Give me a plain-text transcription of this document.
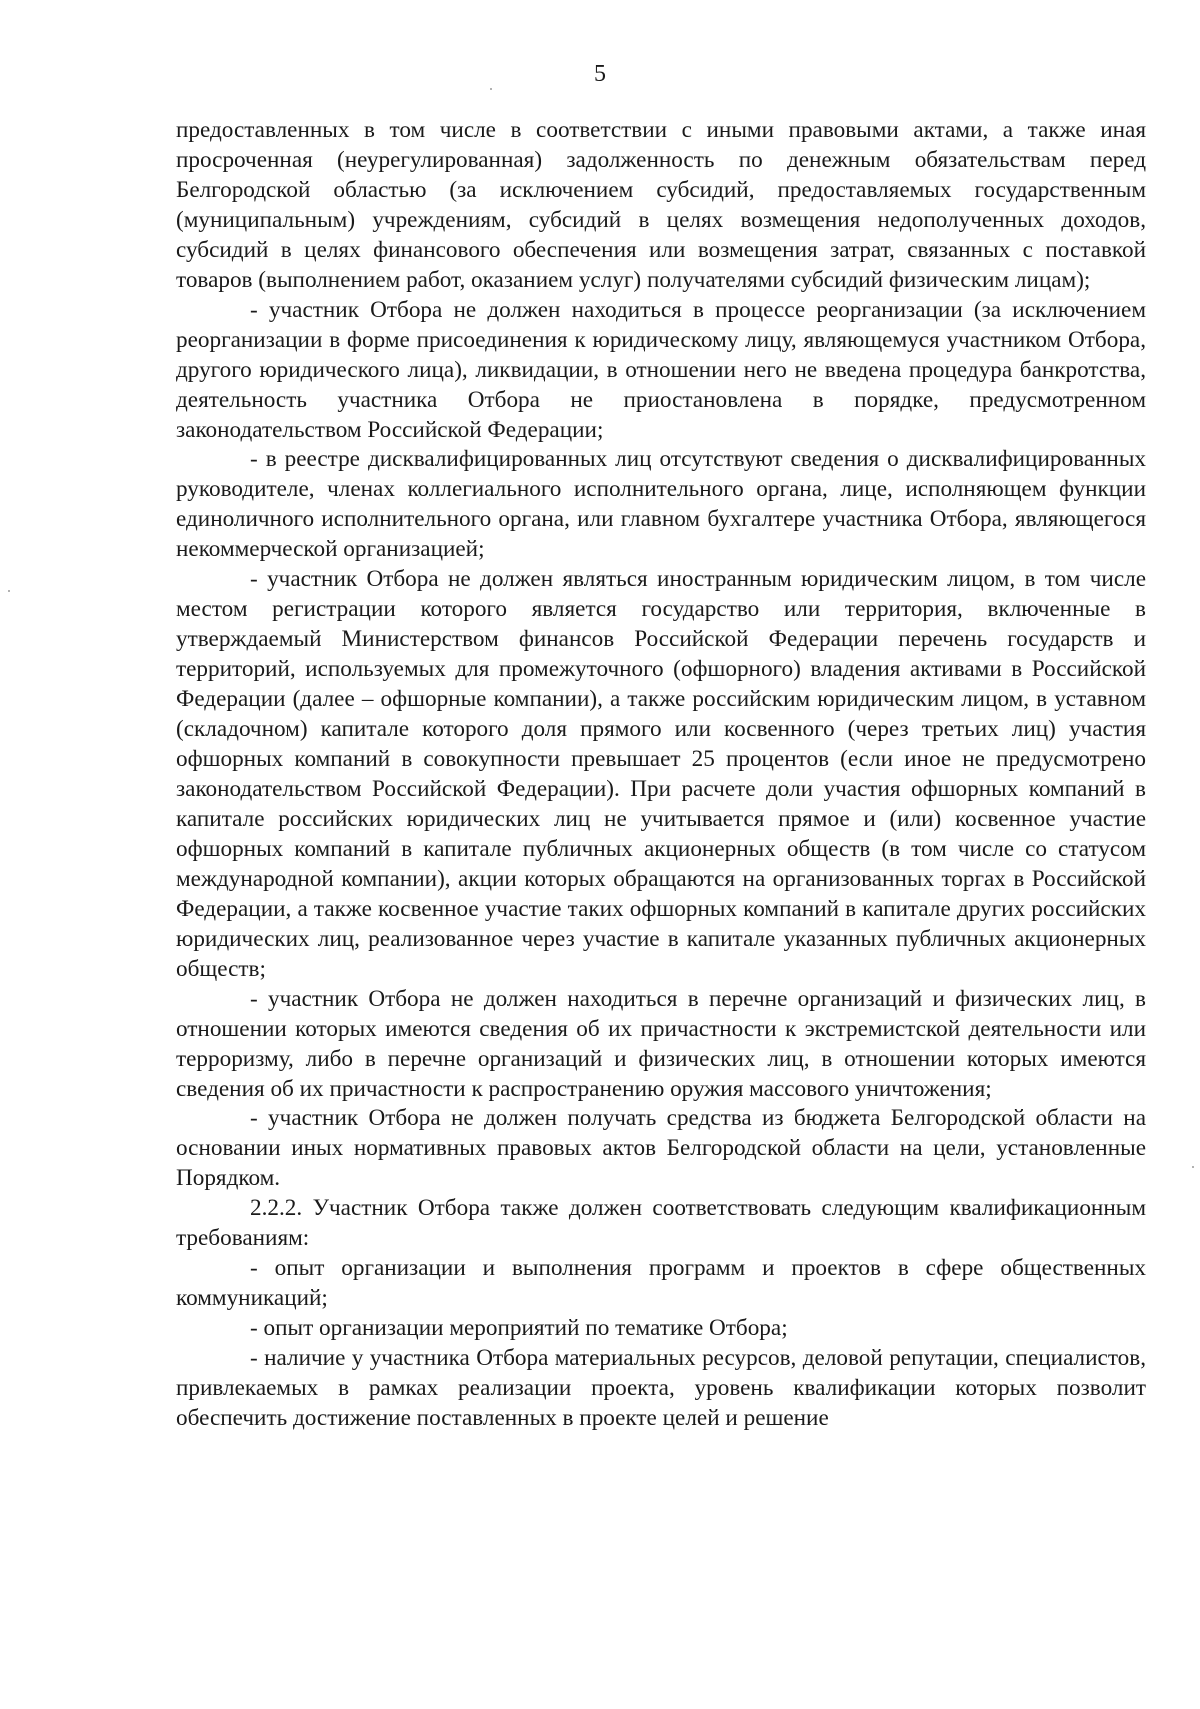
5

предоставленных в том числе в соответствии с иными правовыми актами, а также иная просроченная (неурегулированная) задолженность по денежным обязательствам перед Белгородской областью (за исключением субсидий, предоставляемых государственным (муниципальным) учреждениям, субсидий в целях возмещения недополученных доходов, субсидий в целях финансового обеспечения или возмещения затрат, связанных с поставкой товаров (выполнением работ, оказанием услуг) получателями субсидий физическим лицам);

- участник Отбора не должен находиться в процессе реорганизации (за исключением реорганизации в форме присоединения к юридическому лицу, являющемуся участником Отбора, другого юридического лица), ликвидации, в отношении него не введена процедура банкротства, деятельность участника Отбора не приостановлена в порядке, предусмотренном законодательством Российской Федерации;

- в реестре дисквалифицированных лиц отсутствуют сведения о дисквалифицированных руководителе, членах коллегиального исполнительного органа, лице, исполняющем функции единоличного исполнительного органа, или главном бухгалтере участника Отбора, являющегося некоммерческой организацией;

- участник Отбора не должен являться иностранным юридическим лицом, в том числе местом регистрации которого является государство или территория, включенные в утверждаемый Министерством финансов Российской Федерации перечень государств и территорий, используемых для промежуточного (офшорного) владения активами в Российской Федерации (далее – офшорные компании), а также российским юридическим лицом, в уставном (складочном) капитале которого доля прямого или косвенного (через третьих лиц) участия офшорных компаний в совокупности превышает 25 процентов (если иное не предусмотрено законодательством Российской Федерации). При расчете доли участия офшорных компаний в капитале российских юридических лиц не учитывается прямое и (или) косвенное участие офшорных компаний в капитале публичных акционерных обществ (в том числе со статусом международной компании), акции которых обращаются на организованных торгах в Российской Федерации, а также косвенное участие таких офшорных компаний в капитале других российских юридических лиц, реализованное через участие в капитале указанных публичных акционерных обществ;

- участник Отбора не должен находиться в перечне организаций и физических лиц, в отношении которых имеются сведения об их причастности к экстремистской деятельности или терроризму, либо в перечне организаций и физических лиц, в отношении которых имеются сведения об их причастности к распространению оружия массового уничтожения;

- участник Отбора не должен получать средства из бюджета Белгородской области на основании иных нормативных правовых актов Белгородской области на цели, установленные Порядком.

2.2.2. Участник Отбора также должен соответствовать следующим квалификационным требованиям:

- опыт организации и выполнения программ и проектов в сфере общественных коммуникаций;

- опыт организации мероприятий по тематике Отбора;

- наличие у участника Отбора материальных ресурсов, деловой репутации, специалистов, привлекаемых в рамках реализации проекта, уровень квалификации которых позволит обеспечить достижение поставленных в проекте целей и решение
